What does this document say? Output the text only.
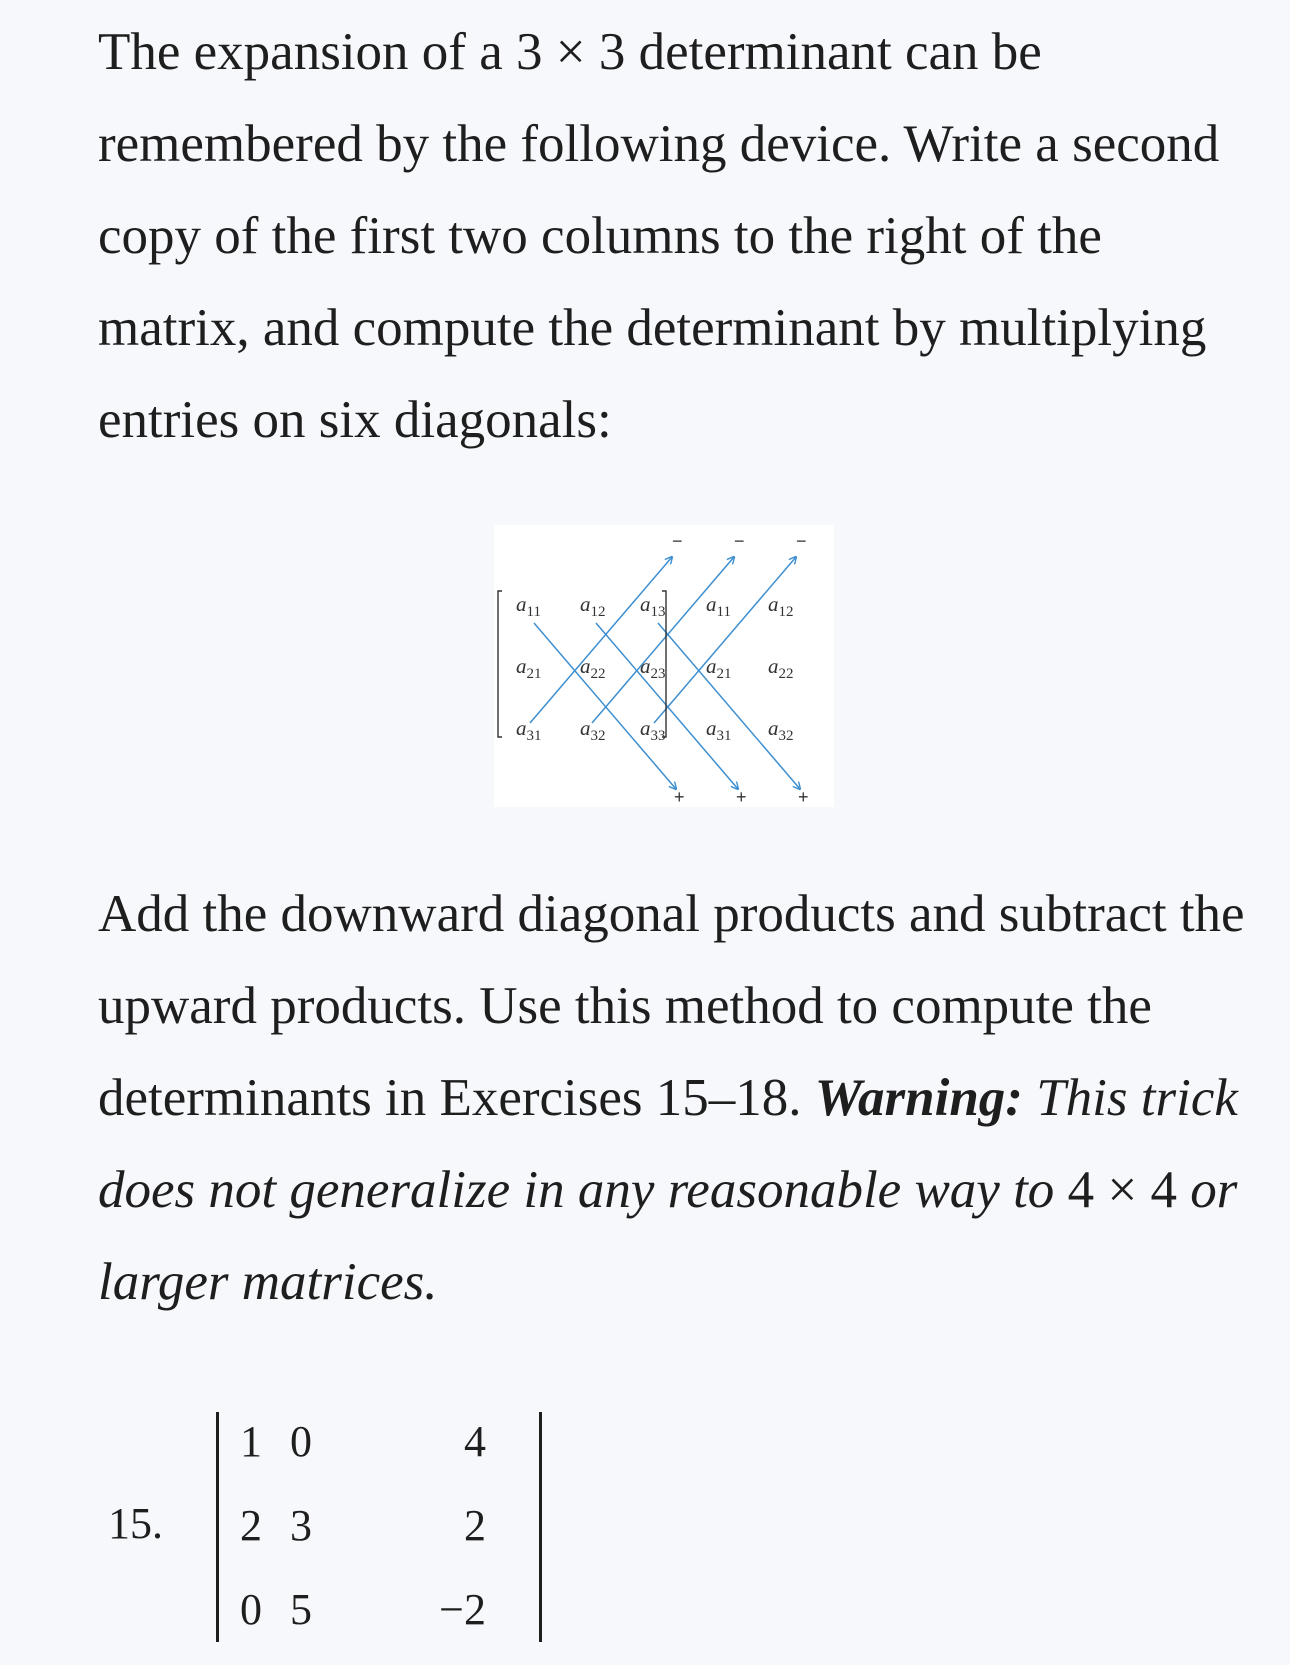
The expansion of a 3 × 3 determinant can be remembered by the following device. Write a second copy of the first two columns to the right of the matrix, and compute the determinant by multiplying entries on six diagonals:

$a_{11}$ $a_{12}$ $a_{13}$ $a_{11}$ $a_{12}$
$a_{21}$ $a_{22}$ $a_{23}$ $a_{21}$ $a_{22}$
$a_{31}$ $a_{32}$ $a_{33}$ $a_{31}$ $a_{32}$
−
+
−
+
−
+

Add the downward diagonal products and subtract the upward products. Use this method to compute the determinants in Exercises 15–18. Warning: This trick does not generalize in any reasonable way to 4 × 4 or larger matrices.

15.
1 0	4
2 3	2
0 5	−2
